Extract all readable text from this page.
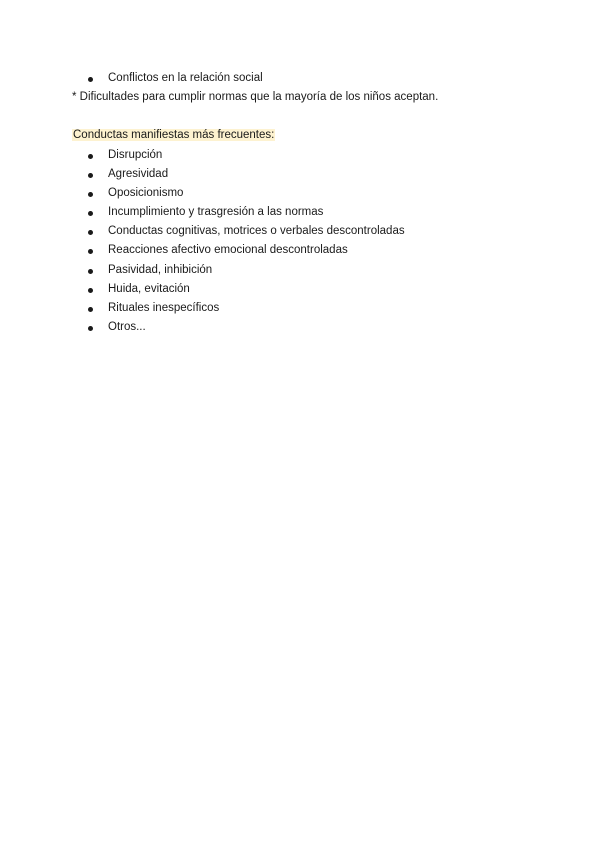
Conflictos en la relación social
* Dificultades para cumplir normas que la mayoría de los niños aceptan.
Conductas manifiestas más frecuentes:
Disrupción
Agresividad
Oposicionismo
Incumplimiento y trasgresión a las normas
Conductas cognitivas, motrices o verbales descontroladas
Reacciones afectivo emocional descontroladas
Pasividad, inhibición
Huida, evitación
Rituales inespecíficos
Otros...
